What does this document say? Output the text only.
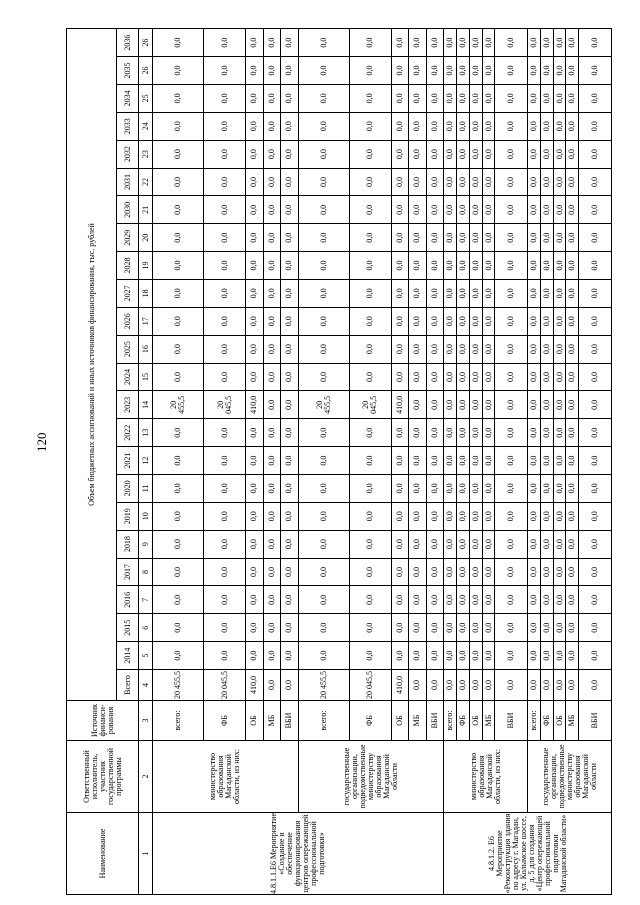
120
Наименование	Ответственный исполнитель, участник государственной программы	Источник финанси-рования	Объем бюджетных ассигнований и иных источников финансирования, тыс. рублей																							
			Всего	2014	2015	2016	2017	2018	2019	2020	2021	2022	2023	2024	2025	2026	2027	2028	2029	2030	2031	2032	2033	2034	2035	2036
1	2	3	4	5	6	7	8	9	10	11	12	13	14	15	16	17	18	19	20	21	22	23	24	25	26	26
4.8.1.1.Е6 Мероприятие «Создание и обеспечение функционирования центров опережающей профессиональной подготовки»	министерство образования Магаданской области, из них:	всего:	20 455,5	0,0	0,0	0,0	0,0	0,0	0,0	0,0	0,0	0,0	20 455,5	0,0	0,0	0,0	0,0	0,0	0,0	0,0	0,0	0,0	0,0	0,0	0,0	0,0
		ФБ	20 045,5	0,0	0,0	0,0	0,0	0,0	0,0	0,0	0,0	0,0	20 045,5	0,0	0,0	0,0	0,0	0,0	0,0	0,0	0,0	0,0	0,0	0,0	0,0	0,0
		ОБ	410,0	0,0	0,0	0,0	0,0	0,0	0,0	0,0	0,0	0,0	410,0	0,0	0,0	0,0	0,0	0,0	0,0	0,0	0,0	0,0	0,0	0,0	0,0	0,0
		МБ	0,0	0,0	0,0	0,0	0,0	0,0	0,0	0,0	0,0	0,0	0,0	0,0	0,0	0,0	0,0	0,0	0,0	0,0	0,0	0,0	0,0	0,0	0,0	0,0
		ВБИ	0,0	0,0	0,0	0,0	0,0	0,0	0,0	0,0	0,0	0,0	0,0	0,0	0,0	0,0	0,0	0,0	0,0	0,0	0,0	0,0	0,0	0,0	0,0	0,0
	государственные организации, подведомственные министерству образования Магаданской области	всего:	20 455,5	0,0	0,0	0,0	0,0	0,0	0,0	0,0	0,0	0,0	20 455,5	0,0	0,0	0,0	0,0	0,0	0,0	0,0	0,0	0,0	0,0	0,0	0,0	0,0
		ФБ	20 045,5	0,0	0,0	0,0	0,0	0,0	0,0	0,0	0,0	0,0	20 045,5	0,0	0,0	0,0	0,0	0,0	0,0	0,0	0,0	0,0	0,0	0,0	0,0	0,0
		ОБ	410,0	0,0	0,0	0,0	0,0	0,0	0,0	0,0	0,0	0,0	410,0	0,0	0,0	0,0	0,0	0,0	0,0	0,0	0,0	0,0	0,0	0,0	0,0	0,0
		МБ	0,0	0,0	0,0	0,0	0,0	0,0	0,0	0,0	0,0	0,0	0,0	0,0	0,0	0,0	0,0	0,0	0,0	0,0	0,0	0,0	0,0	0,0	0,0	0,0
		ВБИ	0,0	0,0	0,0	0,0	0,0	0,0	0,0	0,0	0,0	0,0	0,0	0,0	0,0	0,0	0,0	0,0	0,0	0,0	0,0	0,0	0,0	0,0	0,0	0,0
4.8.1.2. Е6 Мероприятие «Реконструкция здания по адресу г. Магадан, ул. Колымское шоссе, д. 5 для создания «Центр опережающей профессиональной подготовки Магаданской области»	министерство образования Магаданской области, из них:	всего:	0,0	0,0	0,0	0,0	0,0	0,0	0,0	0,0	0,0	0,0	0,0	0,0	0,0	0,0	0,0	0,0	0,0	0,0	0,0	0,0	0,0	0,0	0,0	0,0
		ФБ	0,0	0,0	0,0	0,0	0,0	0,0	0,0	0,0	0,0	0,0	0,0	0,0	0,0	0,0	0,0	0,0	0,0	0,0	0,0	0,0	0,0	0,0	0,0	0,0
		ОБ	0,0	0,0	0,0	0,0	0,0	0,0	0,0	0,0	0,0	0,0	0,0	0,0	0,0	0,0	0,0	0,0	0,0	0,0	0,0	0,0	0,0	0,0	0,0	0,0
		МБ	0,0	0,0	0,0	0,0	0,0	0,0	0,0	0,0	0,0	0,0	0,0	0,0	0,0	0,0	0,0	0,0	0,0	0,0	0,0	0,0	0,0	0,0	0,0	0,0
		ВБИ	0,0	0,0	0,0	0,0	0,0	0,0	0,0	0,0	0,0	0,0	0,0	0,0	0,0	0,0	0,0	0,0	0,0	0,0	0,0	0,0	0,0	0,0	0,0	0,0
	государственные организации, подведомственные министерству образования Магаданской области	всего:	0,0	0,0	0,0	0,0	0,0	0,0	0,0	0,0	0,0	0,0	0,0	0,0	0,0	0,0	0,0	0,0	0,0	0,0	0,0	0,0	0,0	0,0	0,0	0,0
		ФБ	0,0	0,0	0,0	0,0	0,0	0,0	0,0	0,0	0,0	0,0	0,0	0,0	0,0	0,0	0,0	0,0	0,0	0,0	0,0	0,0	0,0	0,0	0,0	0,0
		ОБ	0,0	0,0	0,0	0,0	0,0	0,0	0,0	0,0	0,0	0,0	0,0	0,0	0,0	0,0	0,0	0,0	0,0	0,0	0,0	0,0	0,0	0,0	0,0	0,0
		МБ	0,0	0,0	0,0	0,0	0,0	0,0	0,0	0,0	0,0	0,0	0,0	0,0	0,0	0,0	0,0	0,0	0,0	0,0	0,0	0,0	0,0	0,0	0,0	0,0
		ВБИ	0,0	0,0	0,0	0,0	0,0	0,0	0,0	0,0	0,0	0,0	0,0	0,0	0,0	0,0	0,0	0,0	0,0	0,0	0,0	0,0	0,0	0,0	0,0	0,0
